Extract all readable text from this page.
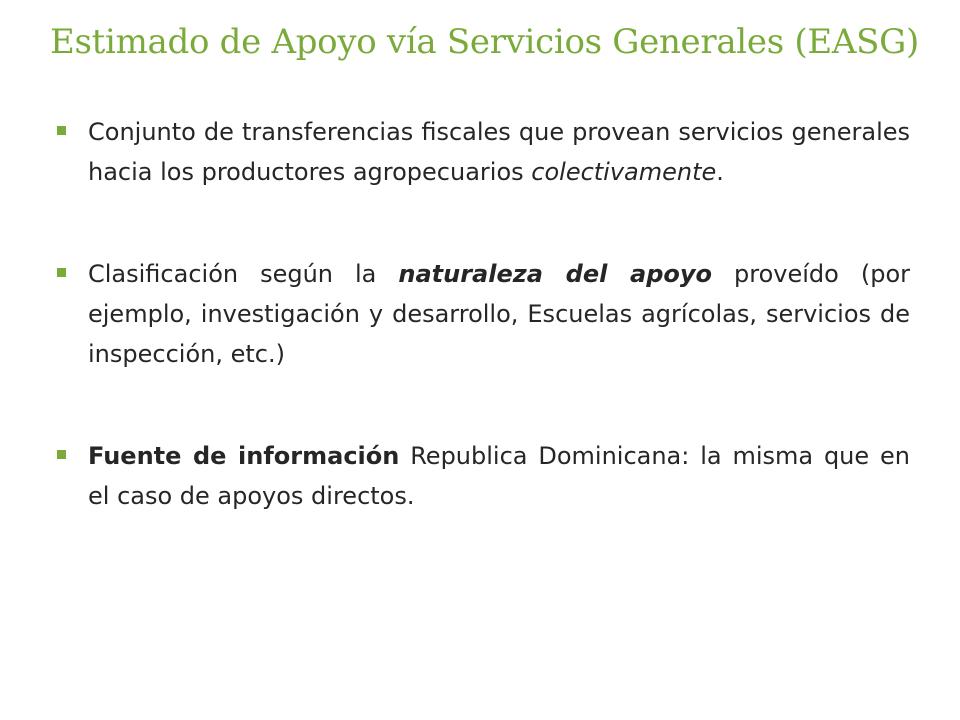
Estimado de Apoyo vía Servicios Generales (EASG)
Conjunto de transferencias fiscales que provean servicios generales hacia los productores agropecuarios colectivamente.
Clasificación según la naturaleza del apoyo proveído (por ejemplo, investigación y desarrollo, Escuelas agrícolas, servicios de inspección, etc.)
Fuente de información Republica Dominicana: la misma que en el caso de apoyos directos.
